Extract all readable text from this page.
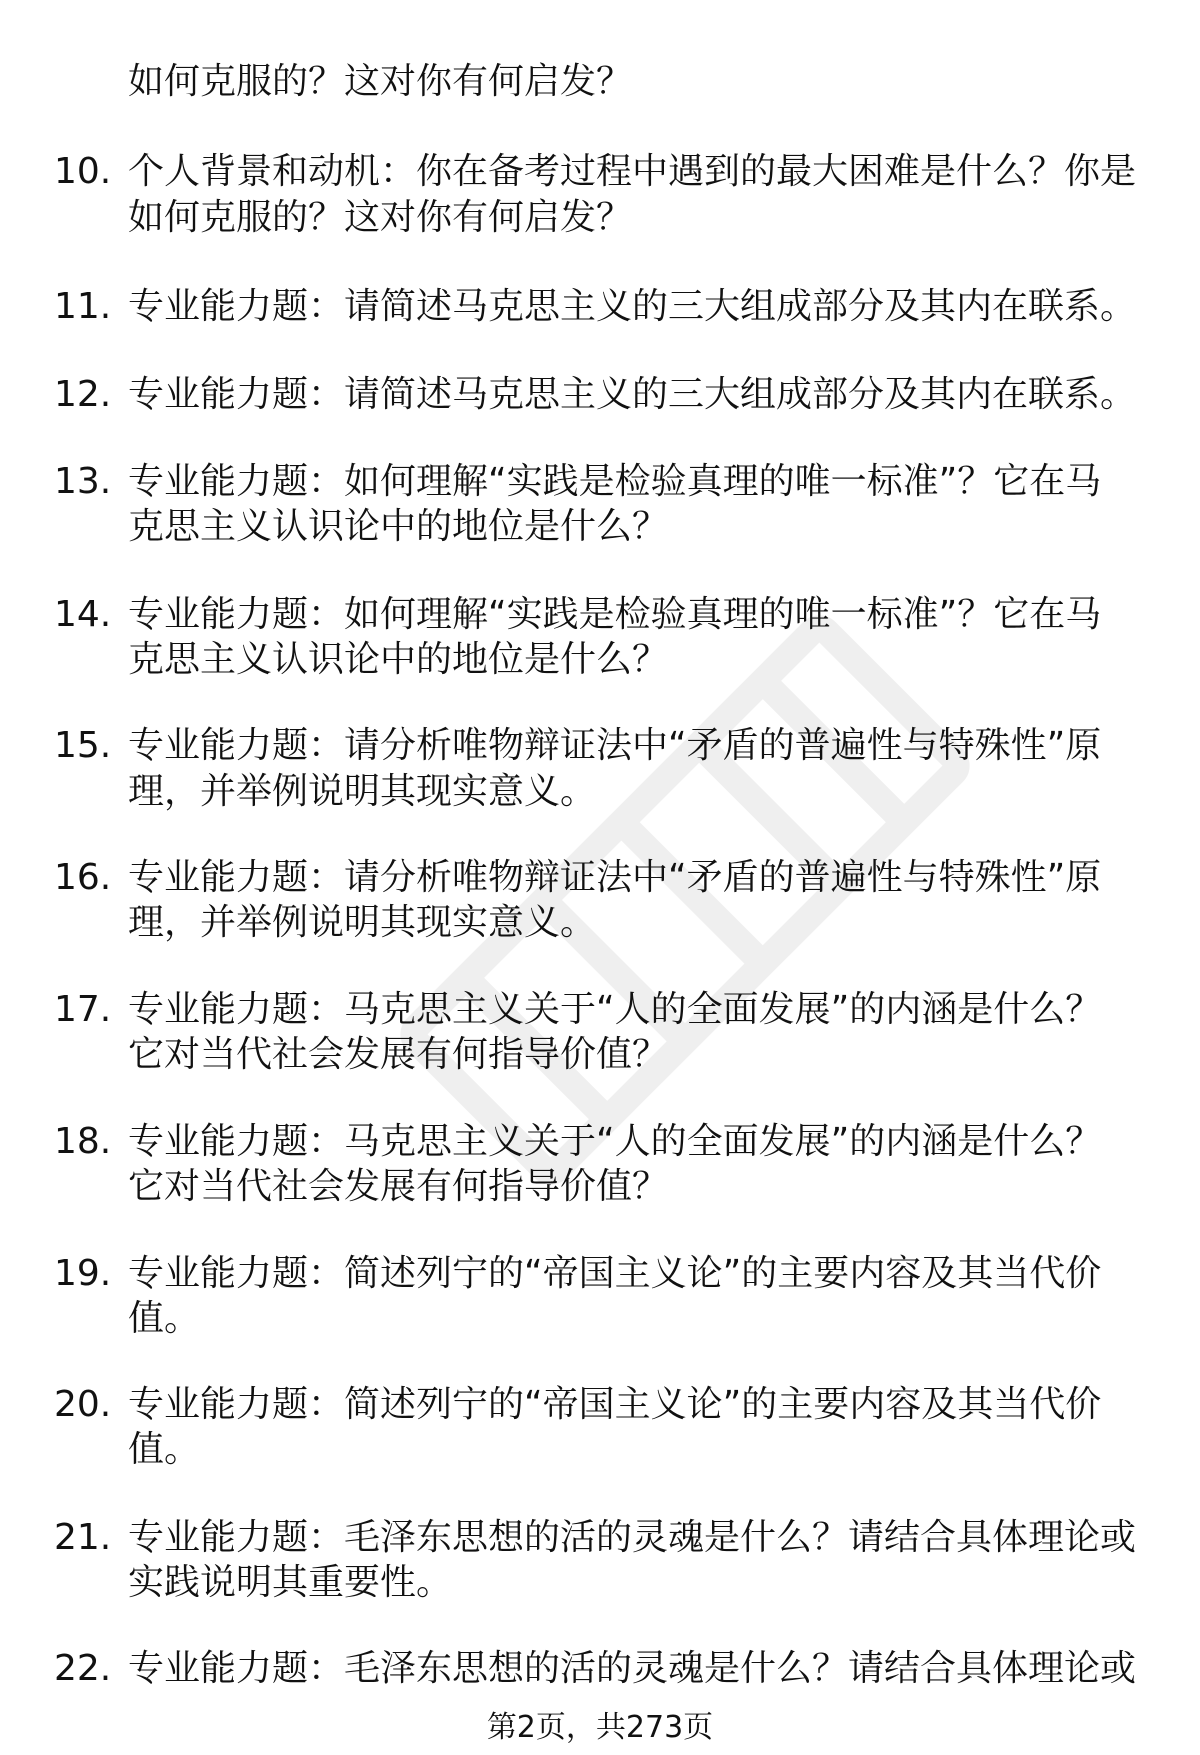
如何克服的？这对你有何启发？
10. 个人背景和动机：你在备考过程中遇到的最大困难是什么？你是
如何克服的？这对你有何启发？
11. 专业能力题：请简述马克思主义的三大组成部分及其内在联系。
12. 专业能力题：请简述马克思主义的三大组成部分及其内在联系。
13. 专业能力题：如何理解“实践是检验真理的唯一标准”？它在马
克思主义认识论中的地位是什么？
14. 专业能力题：如何理解“实践是检验真理的唯一标准”？它在马
克思主义认识论中的地位是什么？
15. 专业能力题：请分析唯物辩证法中“矛盾的普遍性与特殊性”原
理，并举例说明其现实意义。
16. 专业能力题：请分析唯物辩证法中“矛盾的普遍性与特殊性”原
理，并举例说明其现实意义。
17. 专业能力题：马克思主义关于“人的全面发展”的内涵是什么？
它对当代社会发展有何指导价值？
18. 专业能力题：马克思主义关于“人的全面发展”的内涵是什么？
它对当代社会发展有何指导价值？
19. 专业能力题：简述列宁的“帝国主义论”的主要内容及其当代价
值。
20. 专业能力题：简述列宁的“帝国主义论”的主要内容及其当代价
值。
21. 专业能力题：毛泽东思想的活的灵魂是什么？请结合具体理论或
实践说明其重要性。
22. 专业能力题：毛泽东思想的活的灵魂是什么？请结合具体理论或
第2页，共273页
